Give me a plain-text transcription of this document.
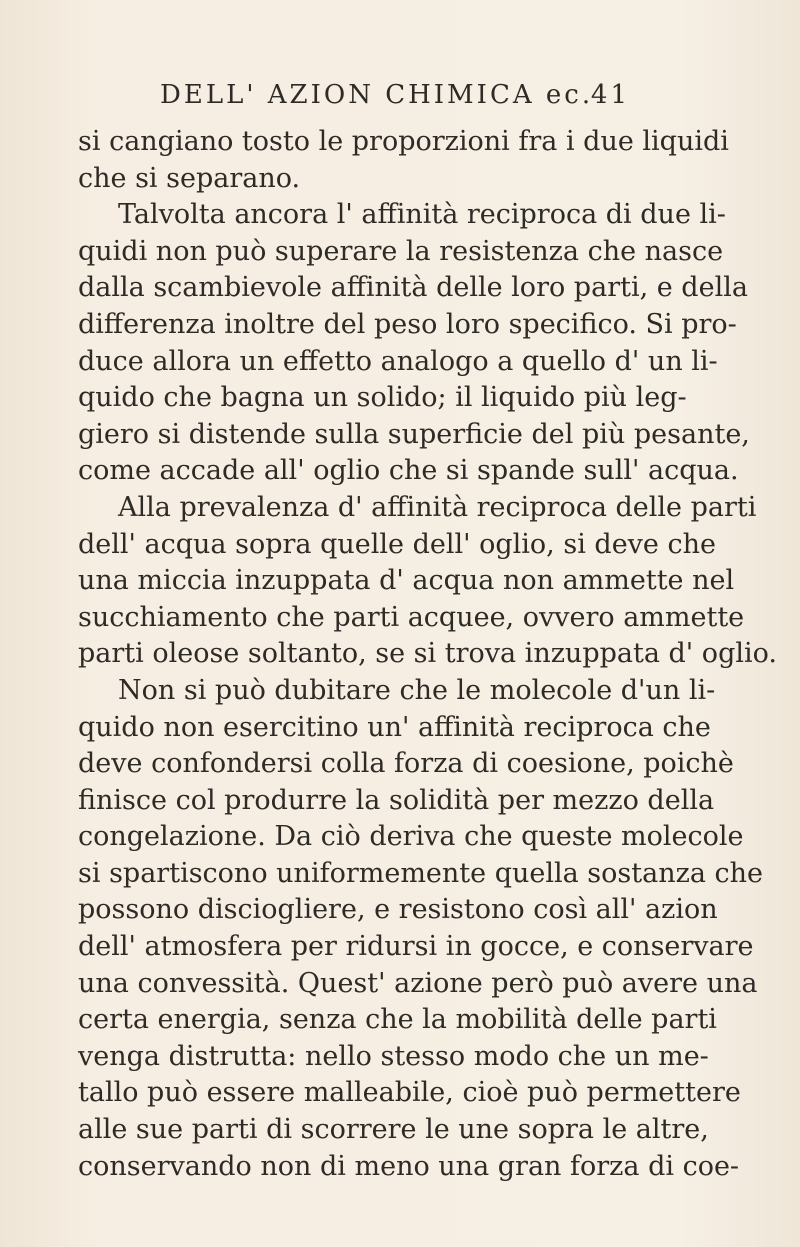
DELL' AZION CHIMICA ec.
41
si cangiano tosto le proporzioni fra i due liquidi
che si separano.
Talvolta ancora l' affinità reciproca di due li-
quidi non può superare la resistenza che nasce
dalla scambievole affinità delle loro parti, e della
differenza inoltre del peso loro specifico. Si pro-
duce allora un effetto analogo a quello d' un li-
quido che bagna un solido; il liquido più leg-
giero si distende sulla superficie del più pesante,
come accade all' oglio che si spande sull' acqua.
Alla prevalenza d' affinità reciproca delle parti
dell' acqua sopra quelle dell' oglio, si deve che
una miccia inzuppata d' acqua non ammette nel
succhiamento che parti acquee, ovvero ammette
parti oleose soltanto, se si trova inzuppata d' oglio.
Non si può dubitare che le molecole d'un li-
quido non esercitino un' affinità reciproca che
deve confondersi colla forza di coesione, poichè
finisce col produrre la solidità per mezzo della
congelazione. Da ciò deriva che queste molecole
si spartiscono uniformemente quella sostanza che
possono disciogliere, e resistono così all' azion
dell' atmosfera per ridursi in gocce, e conservare
una convessità. Quest' azione però può avere una
certa energia, senza che la mobilità delle parti
venga distrutta: nello stesso modo che un me-
tallo può essere malleabile, cioè può permettere
alle sue parti di scorrere le une sopra le altre,
conservando non di meno una gran forza di coe-
